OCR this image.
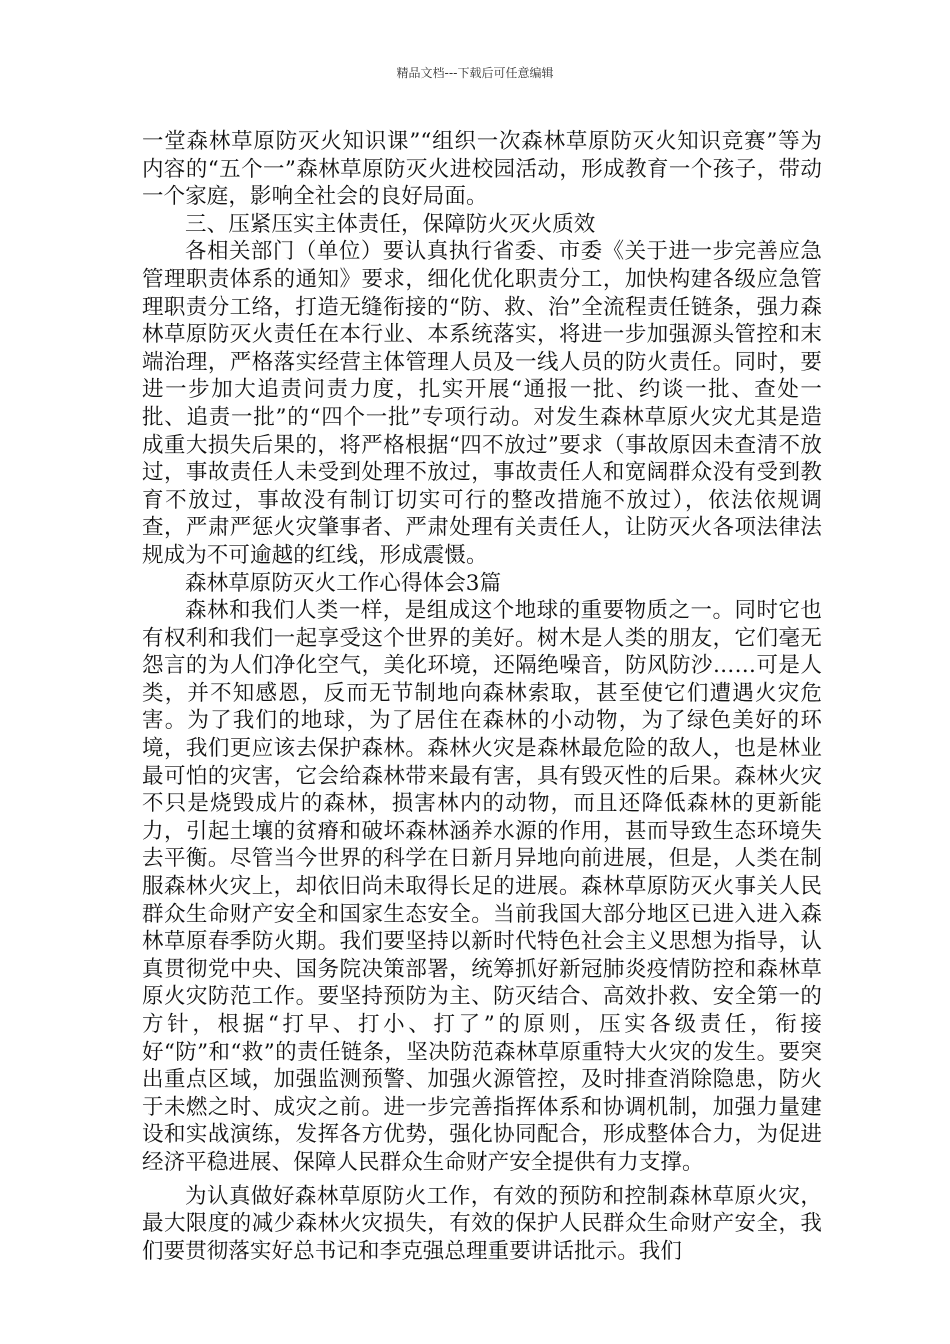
精品文档---下载后可任意编辑

一堂森林草原防灭火知识课”“组织一次森林草原防灭火知识竞赛”等为内容的“五个一”森林草原防灭火进校园活动，形成教育一个孩子，带动一个家庭，影响全社会的良好局面。

三、压紧压实主体责任，保障防火灭火质效

各相关部门（单位）要认真执行省委、市委《关于进一步完善应急管理职责体系的通知》要求，细化优化职责分工，加快构建各级应急管理职责分工络，打造无缝衔接的“防、救、治”全流程责任链条，强力森林草原防灭火责任在本行业、本系统落实，将进一步加强源头管控和末端治理，严格落实经营主体管理人员及一线人员的防火责任。同时，要进一步加大追责问责力度，扎实开展“通报一批、约谈一批、查处一批、追责一批”的“四个一批”专项行动。对发生森林草原火灾尤其是造成重大损失后果的，将严格根据“四不放过”要求（事故原因未查清不放过，事故责任人未受到处理不放过，事故责任人和宽阔群众没有受到教育不放过，事故没有制订切实可行的整改措施不放过），依法依规调查，严肃严惩火灾肇事者、严肃处理有关责任人，让防灭火各项法律法规成为不可逾越的红线，形成震慑。

森林草原防灭火工作心得体会3篇

森林和我们人类一样，是组成这个地球的重要物质之一。同时它也有权利和我们一起享受这个世界的美好。树木是人类的朋友，它们毫无怨言的为人们净化空气，美化环境，还隔绝噪音，防风防沙……可是人类，并不知感恩，反而无节制地向森林索取，甚至使它们遭遇火灾危害。为了我们的地球，为了居住在森林的小动物，为了绿色美好的环境，我们更应该去保护森林。森林火灾是森林最危险的敌人，也是林业最可怕的灾害，它会给森林带来最有害，具有毁灭性的后果。森林火灾不只是烧毁成片的森林，损害林内的动物，而且还降低森林的更新能力，引起土壤的贫瘠和破坏森林涵养水源的作用，甚而导致生态环境失去平衡。尽管当今世界的科学在日新月异地向前进展，但是，人类在制服森林火灾上，却依旧尚未取得长足的进展。森林草原防灭火事关人民群众生命财产安全和国家生态安全。当前我国大部分地区已进入进入森林草原春季防火期。我们要坚持以新时代特色社会主义思想为指导，认真贯彻党中央、国务院决策部署，统筹抓好新冠肺炎疫情防控和森林草原火灾防范工作。要坚持预防为主、防灭结合、高效扑救、安全第一的方针，根据“打早、打小、打了”的原则，压实各级责任，衔接好“防”和“救”的责任链条，坚决防范森林草原重特大火灾的发生。要突出重点区域，加强监测预警、加强火源管控，及时排查消除隐患，防火于未燃之时、成灾之前。进一步完善指挥体系和协调机制，加强力量建设和实战演练，发挥各方优势，强化协同配合，形成整体合力，为促进经济平稳进展、保障人民群众生命财产安全提供有力支撑。

为认真做好森林草原防火工作，有效的预防和控制森林草原火灾，最大限度的减少森林火灾损失，有效的保护人民群众生命财产安全，我们要贯彻落实好总书记和李克强总理重要讲话批示。我们
